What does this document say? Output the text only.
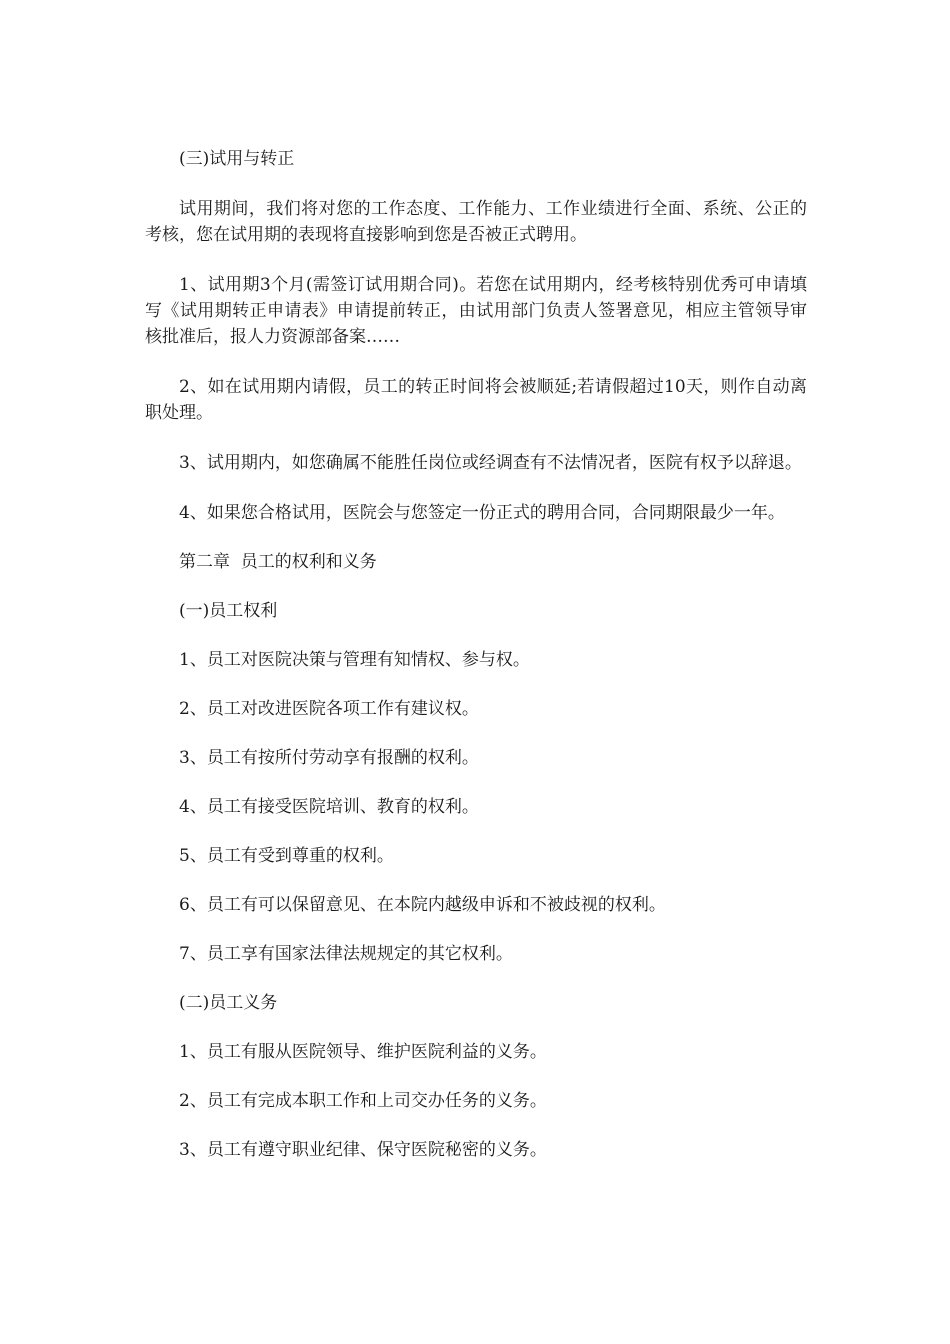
(三)试用与转正

试用期间，我们将对您的工作态度、工作能力、工作业绩进行全面、系统、公正的考核，您在试用期的表现将直接影响到您是否被正式聘用。

1、试用期3个月(需签订试用期合同)。若您在试用期内，经考核特别优秀可申请填写《试用期转正申请表》申请提前转正，由试用部门负责人签署意见，相应主管领导审核批准后，报人力资源部备案……

2、如在试用期内请假，员工的转正时间将会被顺延;若请假超过10天，则作自动离职处理。

3、试用期内，如您确属不能胜任岗位或经调查有不法情况者，医院有权予以辞退。

4、如果您合格试用，医院会与您签定一份正式的聘用合同，合同期限最少一年。

第二章  员工的权利和义务

(一)员工权利

1、员工对医院决策与管理有知情权、参与权。

2、员工对改进医院各项工作有建议权。

3、员工有按所付劳动享有报酬的权利。

4、员工有接受医院培训、教育的权利。

5、员工有受到尊重的权利。

6、员工有可以保留意见、在本院内越级申诉和不被歧视的权利。

7、员工享有国家法律法规规定的其它权利。

(二)员工义务

1、员工有服从医院领导、维护医院利益的义务。

2、员工有完成本职工作和上司交办任务的义务。

3、员工有遵守职业纪律、保守医院秘密的义务。
